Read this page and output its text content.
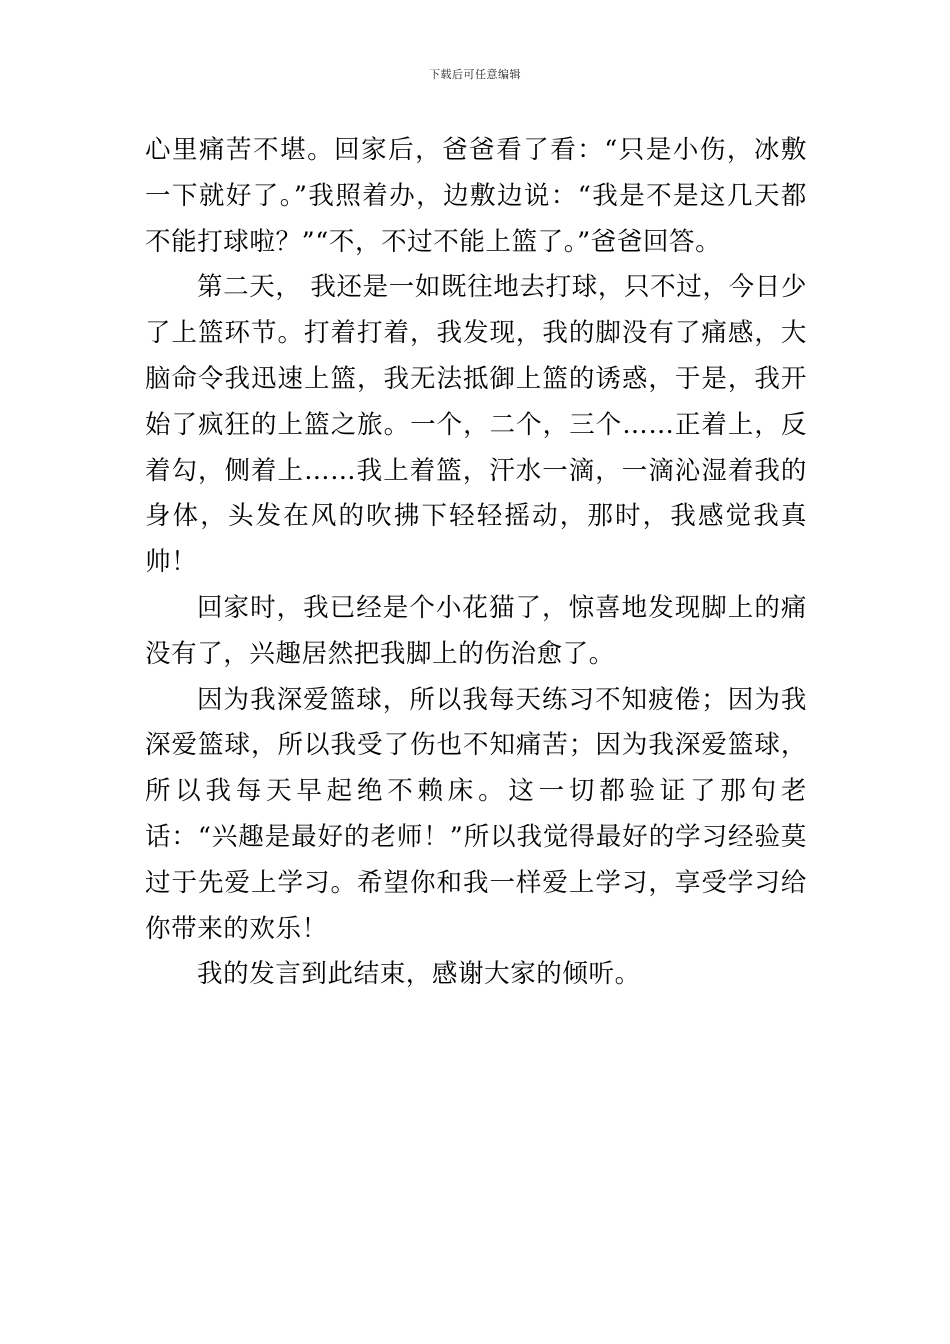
下载后可任意编辑

心里痛苦不堪。回家后，爸爸看了看：“只是小伤，冰敷一下就好了。”我照着办，边敷边说：“我是不是这几天都不能打球啦？”“不，不过不能上篮了。”爸爸回答。

第二天， 我还是一如既往地去打球，只不过，今日少了上篮环节。打着打着，我发现，我的脚没有了痛感，大脑命令我迅速上篮，我无法抵御上篮的诱惑，于是，我开始了疯狂的上篮之旅。一个，二个，三个……正着上，反着勾，侧着上……我上着篮，汗水一滴，一滴沁湿着我的身体，头发在风的吹拂下轻轻摇动，那时，我感觉我真帅！

回家时，我已经是个小花猫了，惊喜地发现脚上的痛没有了，兴趣居然把我脚上的伤治愈了。

因为我深爱篮球，所以我每天练习不知疲倦；因为我深爱篮球，所以我受了伤也不知痛苦；因为我深爱篮球，所以我每天早起绝不赖床。这一切都验证了那句老话：“兴趣是最好的老师！”所以我觉得最好的学习经验莫过于先爱上学习。希望你和我一样爱上学习，享受学习给你带来的欢乐！

我的发言到此结束，感谢大家的倾听。
